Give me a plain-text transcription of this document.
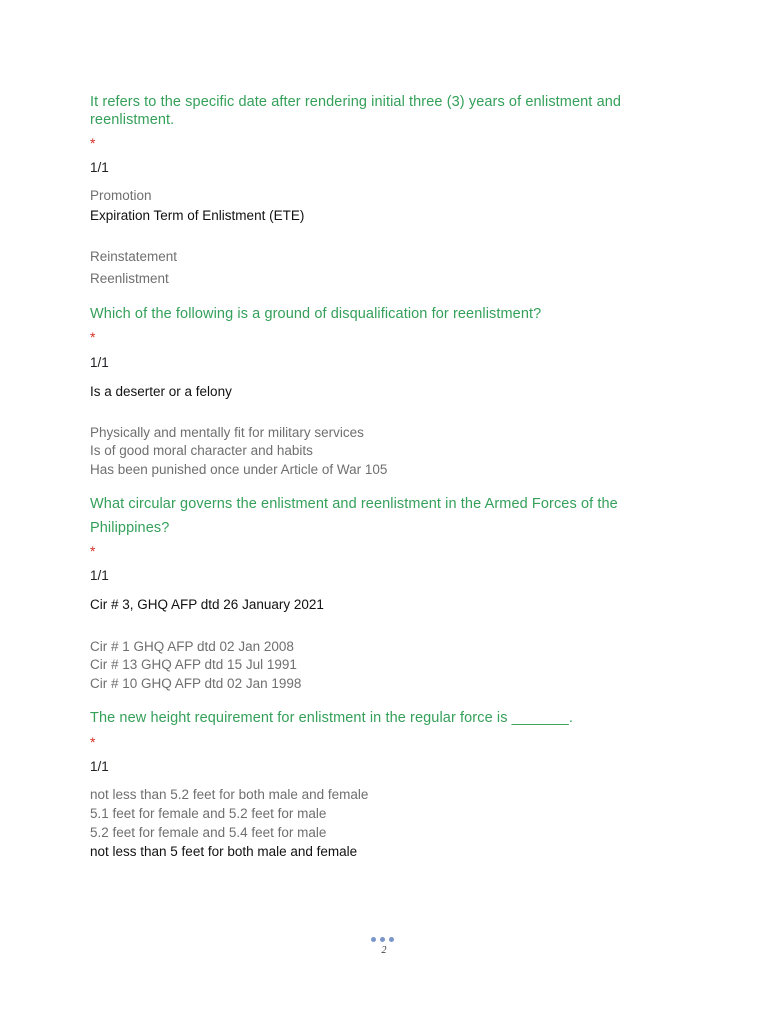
It refers to the specific date after rendering initial three (3) years of enlistment and reenlistment.
*
1/1
Promotion
Expiration Term of Enlistment (ETE)
Reinstatement
Reenlistment
Which of the following is a ground of disqualification for reenlistment?
*
1/1
Is a deserter or a felony
Physically and mentally fit for military services
Is of good moral character and habits
Has been punished once under Article of War 105
What circular governs the enlistment and reenlistment in the Armed Forces of the Philippines?
*
1/1
Cir # 3, GHQ AFP dtd 26 January 2021
Cir # 1 GHQ AFP dtd 02 Jan 2008
Cir # 13 GHQ AFP dtd 15 Jul 1991
Cir # 10 GHQ AFP dtd 02 Jan 1998
The new height requirement for enlistment in the regular force is _______.
*
1/1
not less than 5.2 feet for both male and female
5.1 feet for female and 5.2 feet for male
5.2 feet for female and 5.4 feet for male
not less than 5 feet for both male and female
2
